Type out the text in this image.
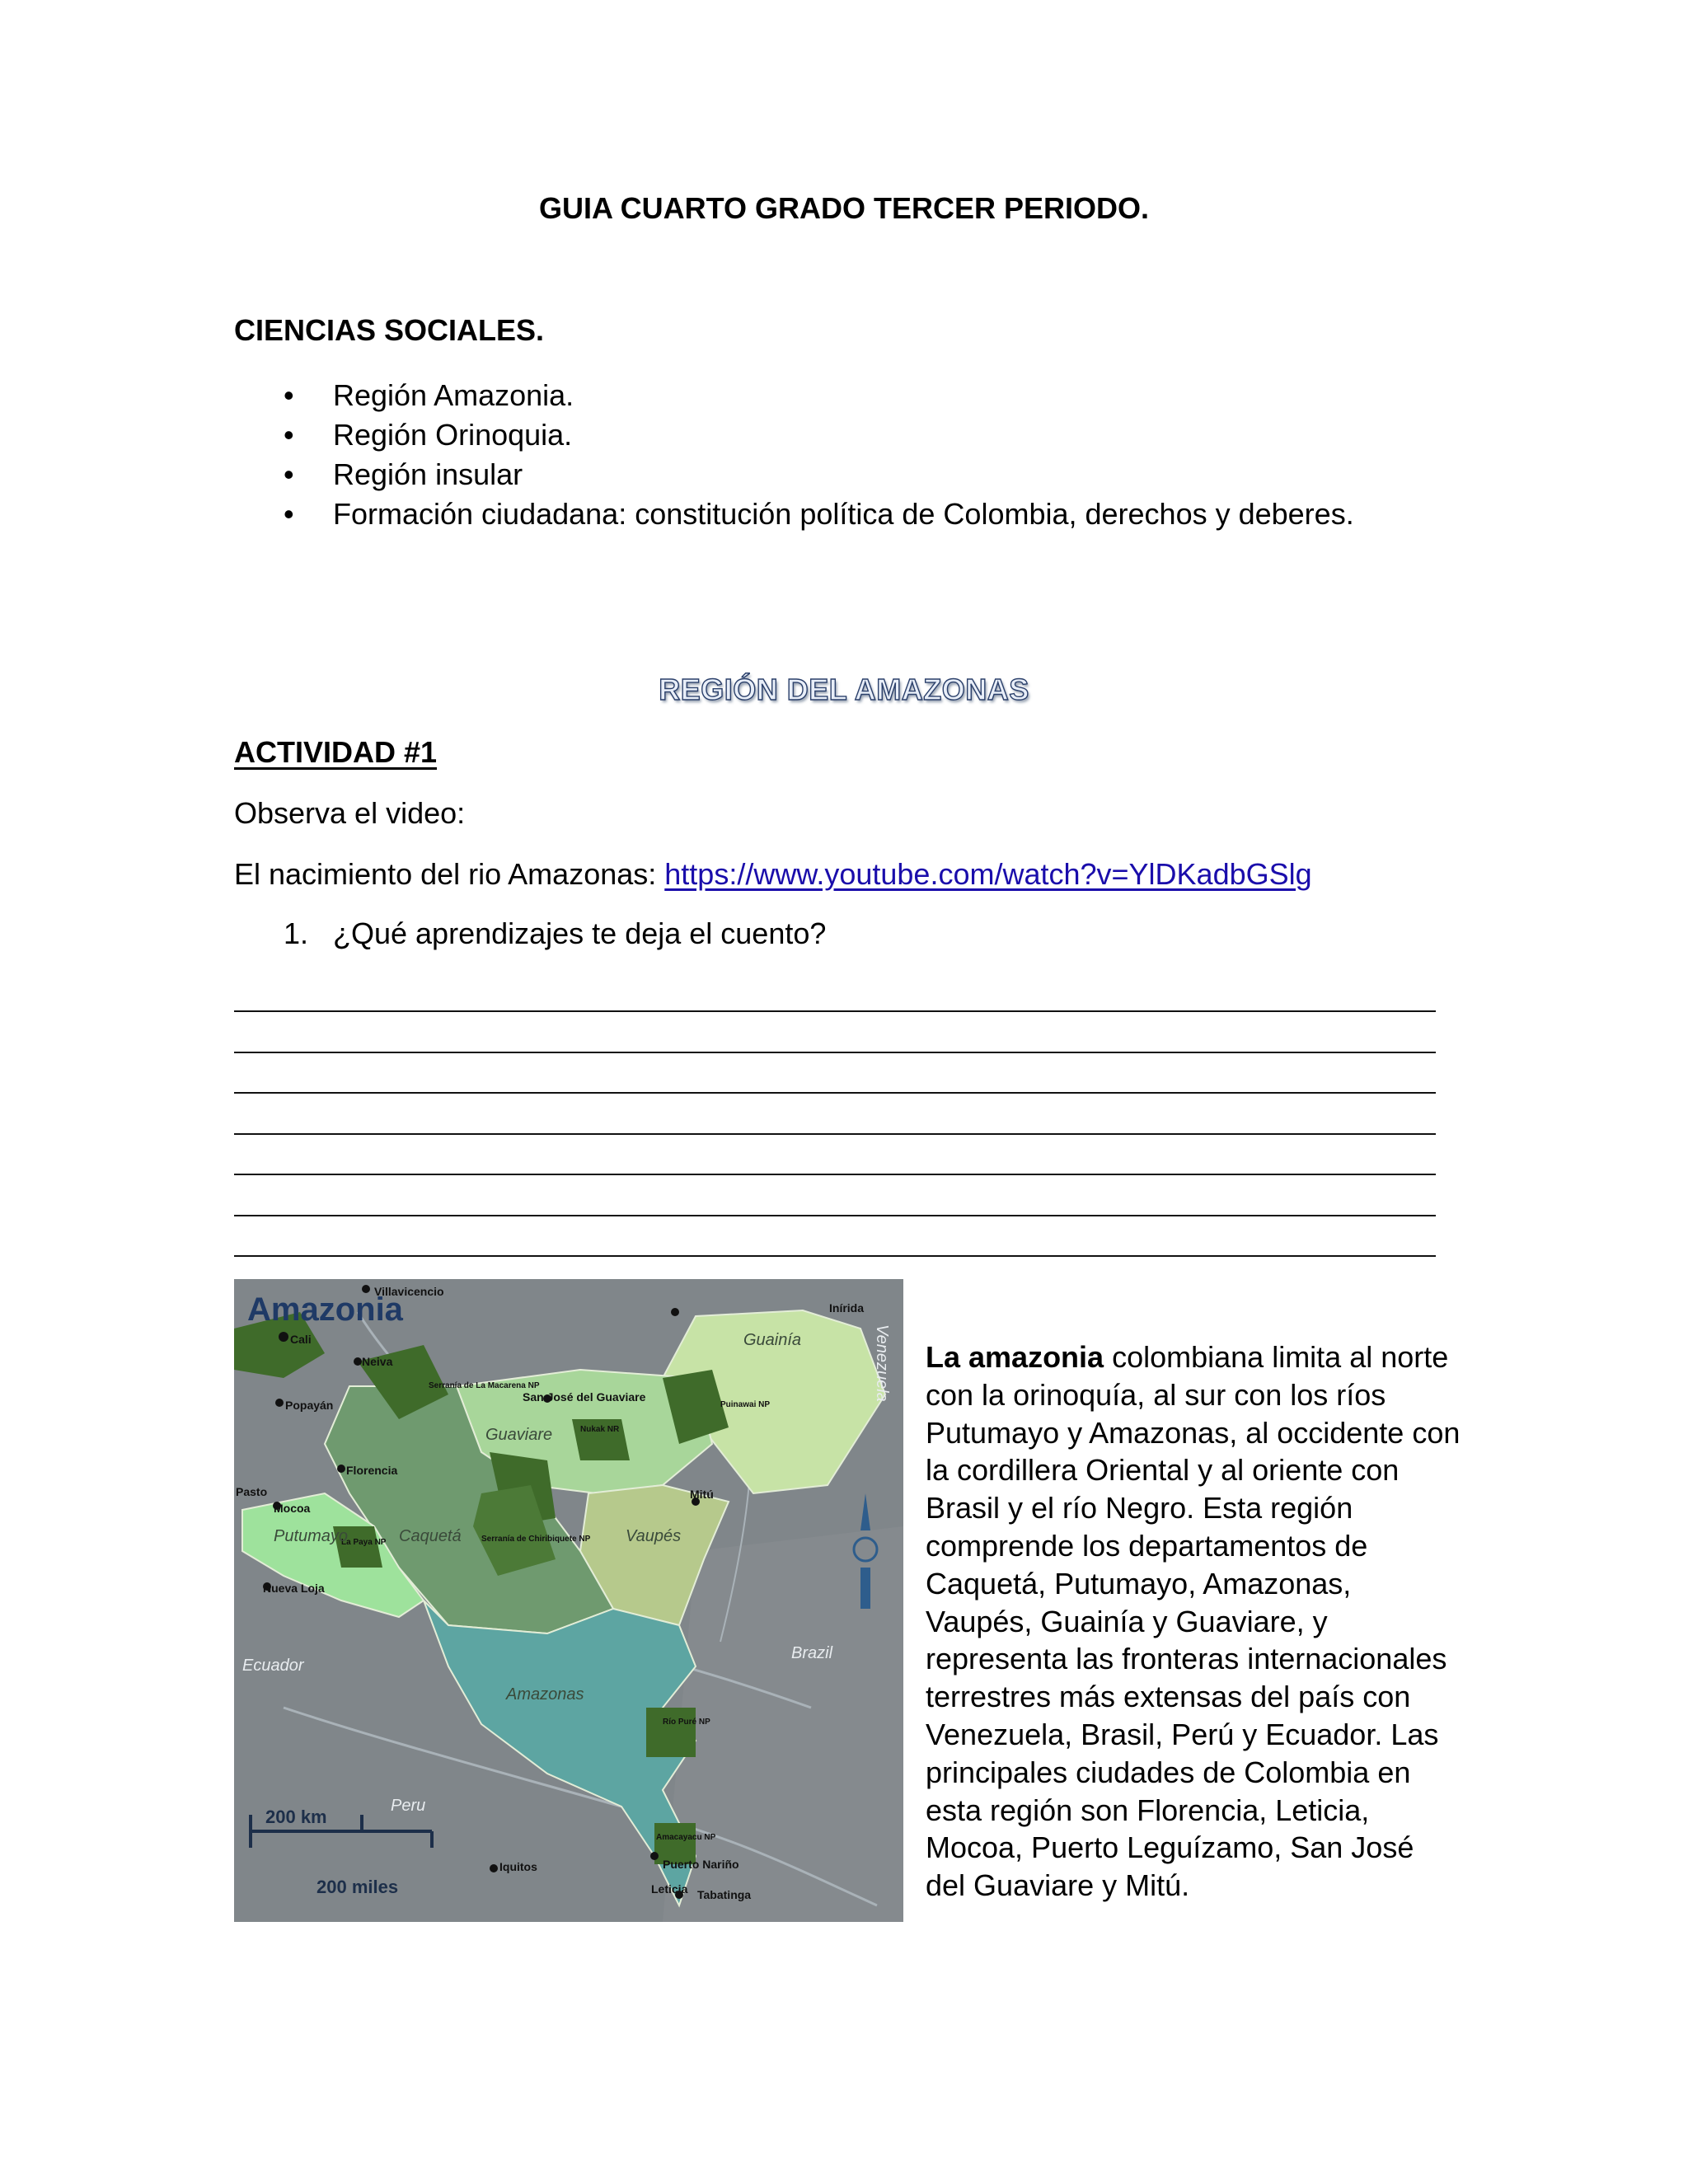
GUIA CUARTO GRADO TERCER PERIODO.
CIENCIAS SOCIALES.
• Región Amazonia.
• Región Orinoquia.
• Región insular
• Formación ciudadana: constitución política de Colombia, derechos y deberes.
REGIÓN DEL AMAZONAS
ACTIVIDAD #1
Observa el video:
El nacimiento del rio Amazonas: https://www.youtube.com/watch?v=YlDKadbGSlg
1. ¿Qué aprendizajes te deja el cuento?
200 km
200 miles
Amazonia
Villavicencio
Inírida
Cali
Neiva
San José del Guaviare
Popayán
Florencia
Pasto	Mitú
Mocoa
Nueva Loja
Puerto Nariño
Iquitos
Leticia Tabatinga
Serranía de La Macarena NP
Nukak NR
Puinawai NP
Serranía de Chiribiquete NP
La Paya NP
Río Puré NP
Amacayacu NP
Guainía
Guaviare
Putumayo	Caquetá	Vaupés
Amazonas
Ecuador
Brazil
Peru
Venezuela La amazonia colombiana limita al norte con la orinoquía, al sur con los ríos Putumayo y Amazonas, al occidente con la cordillera Oriental y al oriente con Brasil y el río Negro. Esta región comprende los departamentos de Caquetá, Putumayo, Amazonas, Vaupés, Guainía y Guaviare, y representa las fronteras internacionales terrestres más extensas del país con Venezuela, Brasil, Perú y Ecuador. Las principales ciudades de Colombia en esta región son Florencia, Leticia, Mocoa, Puerto Leguízamo, San José del Guaviare y Mitú.
